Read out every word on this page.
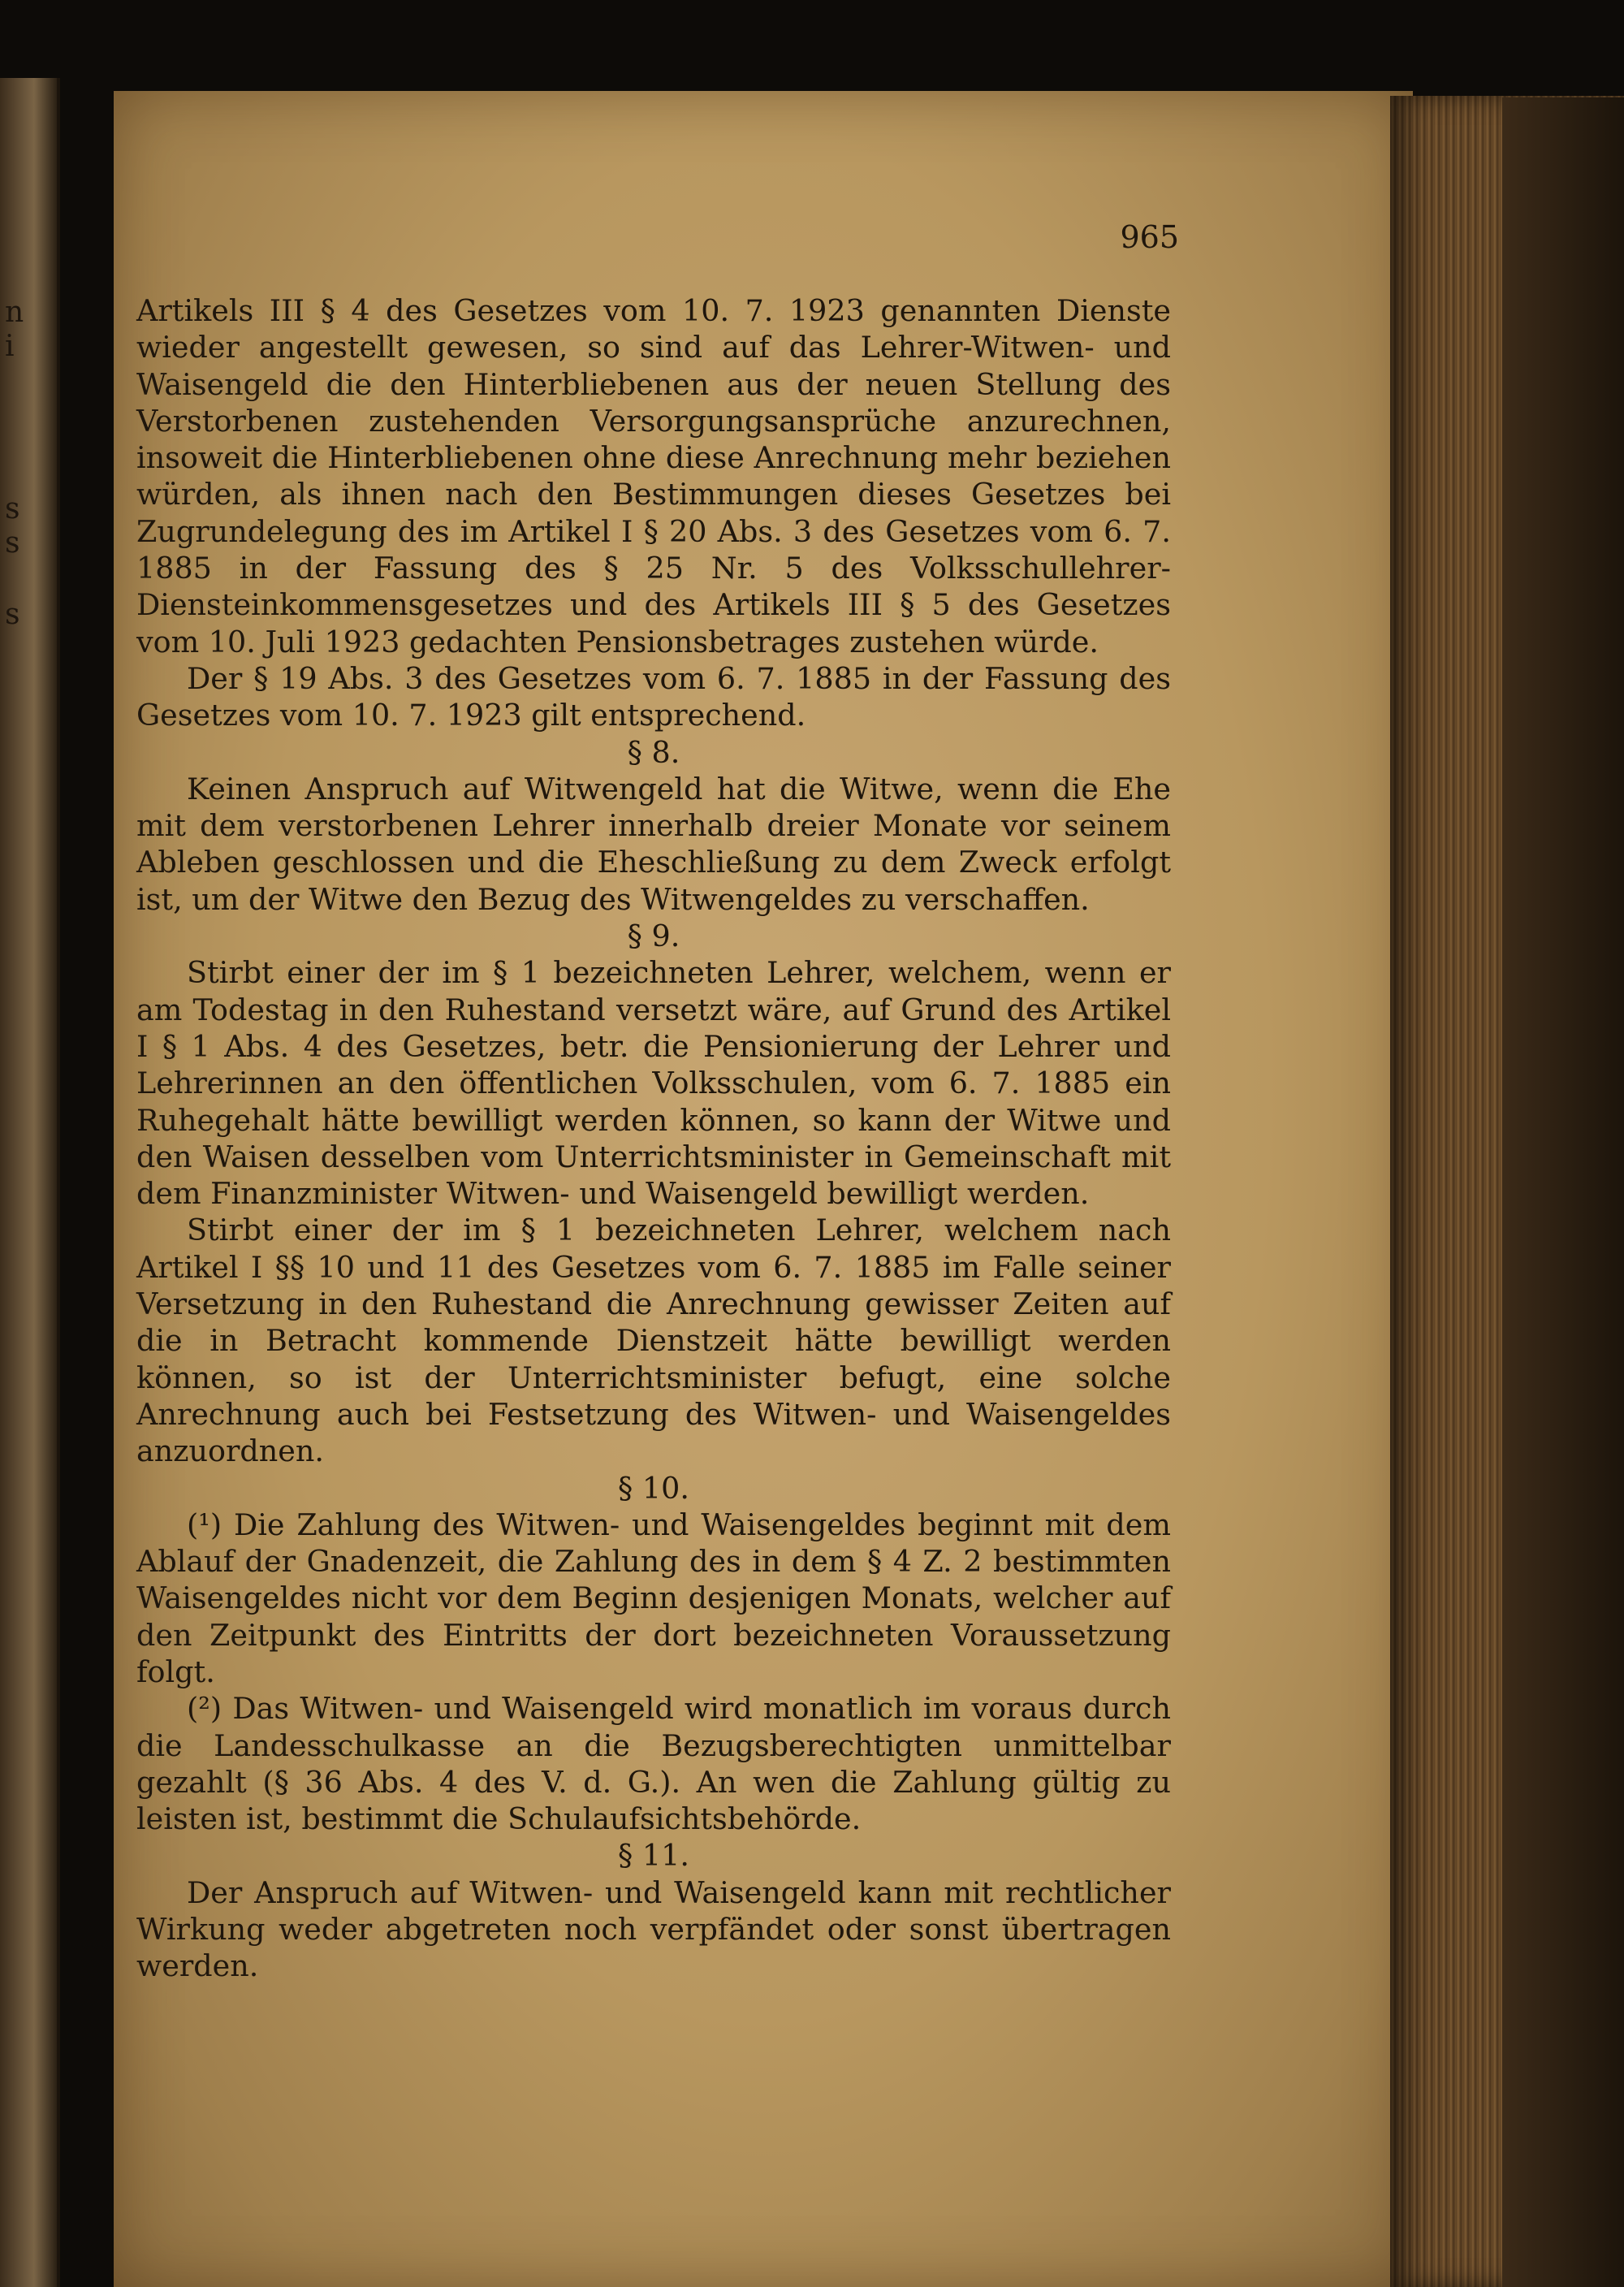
n
i
s
s
s
965

Artikels III § 4 des Gesetzes vom 10. 7. 1923 genannten Dienste wieder angestellt gewesen, so sind auf das Lehrer-Witwen- und Waisengeld die den Hinterbliebenen aus der neuen Stellung des Verstorbenen zustehenden Versorgungsansprüche anzurechnen, insoweit die Hinterbliebenen ohne diese Anrechnung mehr beziehen würden, als ihnen nach den Bestimmungen dieses Gesetzes bei Zugrundelegung des im Artikel I § 20 Abs. 3 des Gesetzes vom 6. 7. 1885 in der Fassung des § 25 Nr. 5 des Volksschullehrer-Diensteinkommensgesetzes und des Artikels III § 5 des Gesetzes vom 10. Juli 1923 gedachten Pensionsbetrages zustehen würde.

Der § 19 Abs. 3 des Gesetzes vom 6. 7. 1885 in der Fassung des Gesetzes vom 10. 7. 1923 gilt entsprechend.

§ 8.

Keinen Anspruch auf Witwengeld hat die Witwe, wenn die Ehe mit dem verstorbenen Lehrer innerhalb dreier Monate vor seinem Ableben geschlossen und die Eheschließung zu dem Zweck erfolgt ist, um der Witwe den Bezug des Witwengeldes zu verschaffen.

§ 9.

Stirbt einer der im § 1 bezeichneten Lehrer, welchem, wenn er am Todestag in den Ruhestand versetzt wäre, auf Grund des Artikel I § 1 Abs. 4 des Gesetzes, betr. die Pensionierung der Lehrer und Lehrerinnen an den öffentlichen Volksschulen, vom 6. 7. 1885 ein Ruhegehalt hätte bewilligt werden können, so kann der Witwe und den Waisen desselben vom Unterrichtsminister in Gemeinschaft mit dem Finanzminister Witwen- und Waisengeld bewilligt werden.

Stirbt einer der im § 1 bezeichneten Lehrer, welchem nach Artikel I §§ 10 und 11 des Gesetzes vom 6. 7. 1885 im Falle seiner Versetzung in den Ruhestand die Anrechnung gewisser Zeiten auf die in Betracht kommende Dienstzeit hätte bewilligt werden können, so ist der Unterrichtsminister befugt, eine solche Anrechnung auch bei Festsetzung des Witwen- und Waisengeldes anzuordnen.

§ 10.

(¹) Die Zahlung des Witwen- und Waisengeldes beginnt mit dem Ablauf der Gnadenzeit, die Zahlung des in dem § 4 Z. 2 bestimmten Waisengeldes nicht vor dem Beginn desjenigen Monats, welcher auf den Zeitpunkt des Eintritts der dort bezeichneten Voraussetzung folgt.

(²) Das Witwen- und Waisengeld wird monatlich im voraus durch die Landesschulkasse an die Bezugsberechtigten unmittelbar gezahlt (§ 36 Abs. 4 des V. d. G.). An wen die Zahlung gültig zu leisten ist, bestimmt die Schulaufsichtsbehörde.

§ 11.

Der Anspruch auf Witwen- und Waisengeld kann mit rechtlicher Wirkung weder abgetreten noch verpfändet oder sonst übertragen werden.
